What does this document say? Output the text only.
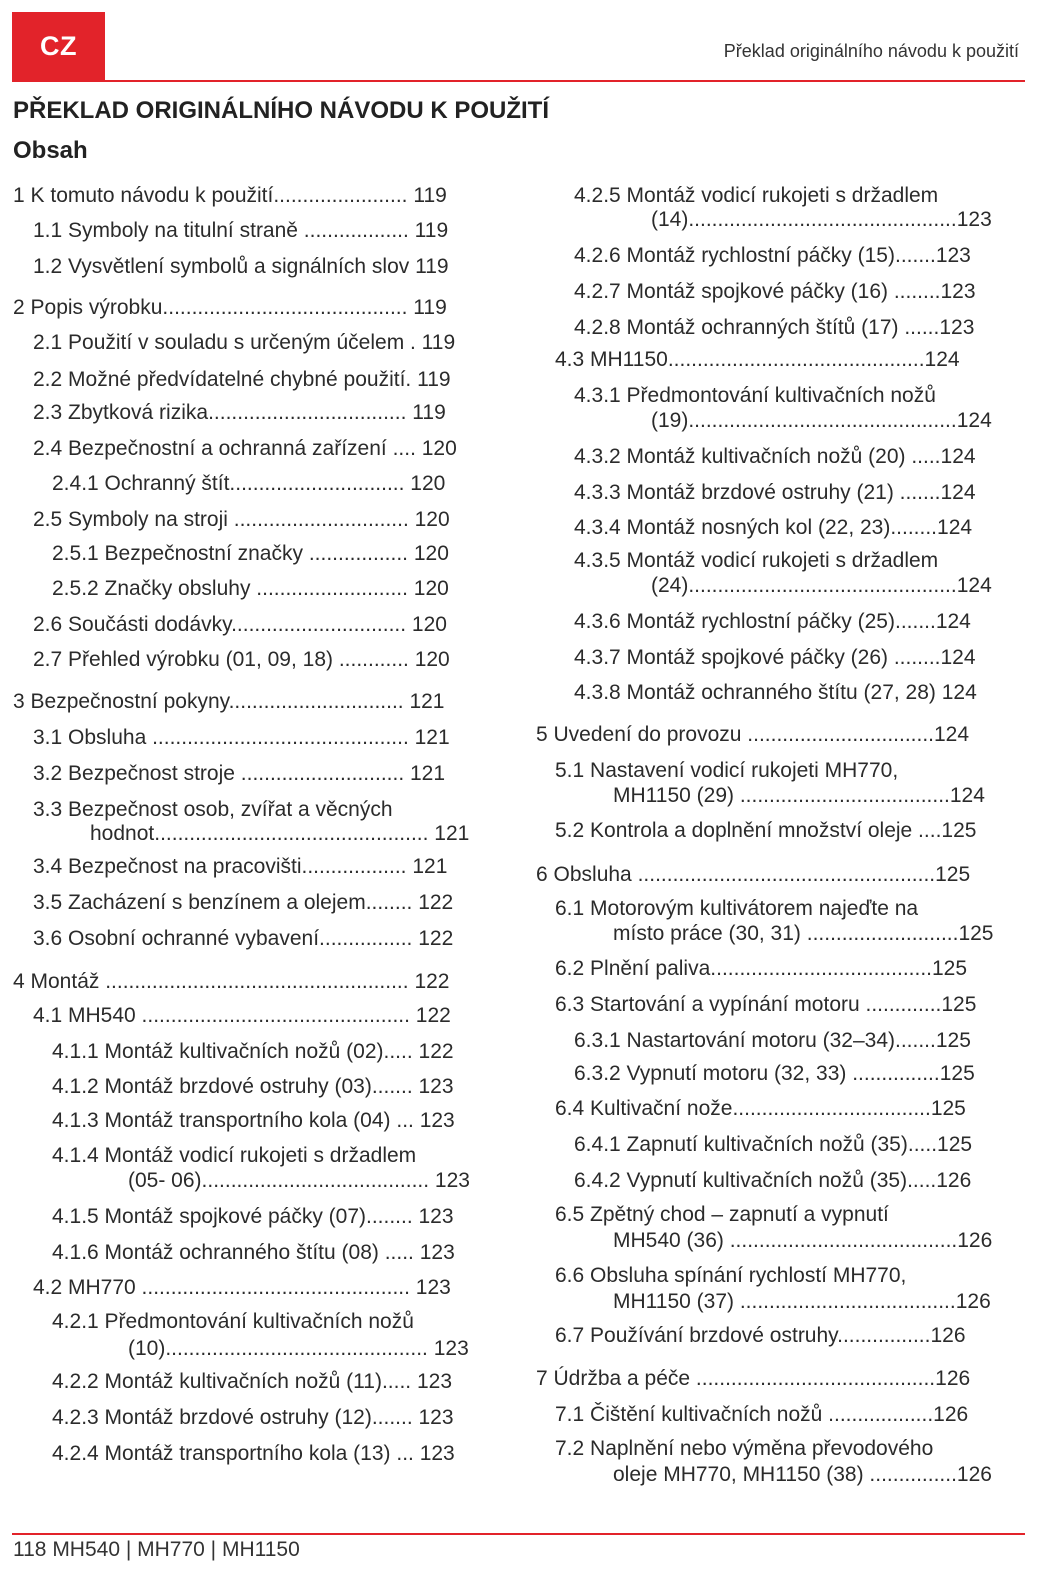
CZ	Překlad originálního návodu k použití
PŘEKLAD ORIGINÁLNÍHO NÁVODU K POUŽITÍ
Obsah
1 K tomuto návodu k použití....................... 119
1.1 Symboly na titulní straně .................. 119
1.2 Vysvětlení symbolů a signálních slov 119
2 Popis výrobku.......................................... 119
2.1 Použití v souladu s určeným účelem . 119
2.2 Možné předvídatelné chybné použití. 119
2.3 Zbytková rizika.................................. 119
2.4 Bezpečnostní a ochranná zařízení .... 120
2.4.1 Ochranný štít.............................. 120
2.5 Symboly na stroji .............................. 120
2.5.1 Bezpečnostní značky ................. 120
2.5.2 Značky obsluhy .......................... 120
2.6 Součásti dodávky.............................. 120
2.7 Přehled výrobku (01, 09, 18) ............ 120
3 Bezpečnostní pokyny.............................. 121
3.1 Obsluha ............................................ 121
3.2 Bezpečnost stroje ............................ 121
3.3 Bezpečnost osob, zvířat a věcných
hodnot............................................... 121
3.4 Bezpečnost na pracovišti.................. 121
3.5 Zacházení s benzínem a olejem........ 122
3.6 Osobní ochranné vybavení................ 122
4 Montáž .................................................... 122
4.1 MH540 .............................................. 122
4.1.1 Montáž kultivačních nožů (02)..... 122
4.1.2 Montáž brzdové ostruhy (03)....... 123
4.1.3 Montáž transportního kola (04) ... 123
4.1.4 Montáž vodicí rukojeti s držadlem
(05- 06)....................................... 123
4.1.5 Montáž spojkové páčky (07)........ 123
4.1.6 Montáž ochranného štítu (08) ..... 123
4.2 MH770 .............................................. 123
4.2.1 Předmontování kultivačních nožů
(10)............................................. 123
4.2.2 Montáž kultivačních nožů (11)..... 123
4.2.3 Montáž brzdové ostruhy (12)....... 123
4.2.4 Montáž transportního kola (13) ... 123
4.2.5 Montáž vodicí rukojeti s držadlem
(14)..............................................123
4.2.6 Montáž rychlostní páčky (15).......123
4.2.7 Montáž spojkové páčky (16) ........123
4.2.8 Montáž ochranných štítů (17) ......123
4.3 MH1150............................................124
4.3.1 Předmontování kultivačních nožů
(19)..............................................124
4.3.2 Montáž kultivačních nožů (20) .....124
4.3.3 Montáž brzdové ostruhy (21) .......124
4.3.4 Montáž nosných kol (22, 23)........124
4.3.5 Montáž vodicí rukojeti s držadlem
(24)..............................................124
4.3.6 Montáž rychlostní páčky (25).......124
4.3.7 Montáž spojkové páčky (26) ........124
4.3.8 Montáž ochranného štítu (27, 28) 124
5 Uvedení do provozu ................................124
5.1 Nastavení vodicí rukojeti MH770,
MH1150 (29) ....................................124
5.2 Kontrola a doplnění množství oleje ....125
6 Obsluha ...................................................125
6.1 Motorovým kultivátorem najeďte na
místo práce (30, 31) ..........................125
6.2 Plnění paliva......................................125
6.3 Startování a vypínání motoru .............125
6.3.1 Nastartování motoru (32–34).......125
6.3.2 Vypnutí motoru (32, 33) ...............125
6.4 Kultivační nože..................................125
6.4.1 Zapnutí kultivačních nožů (35).....125
6.4.2 Vypnutí kultivačních nožů (35).....126
6.5 Zpětný chod – zapnutí a vypnutí
MH540 (36) .......................................126
6.6 Obsluha spínání rychlostí MH770,
MH1150 (37) .....................................126
6.7 Používání brzdové ostruhy................126
7 Údržba a péče .........................................126
7.1 Čištění kultivačních nožů ..................126
7.2 Naplnění nebo výměna převodového
oleje MH770, MH1150 (38) ...............126
118 MH540 | MH770 | MH1150
